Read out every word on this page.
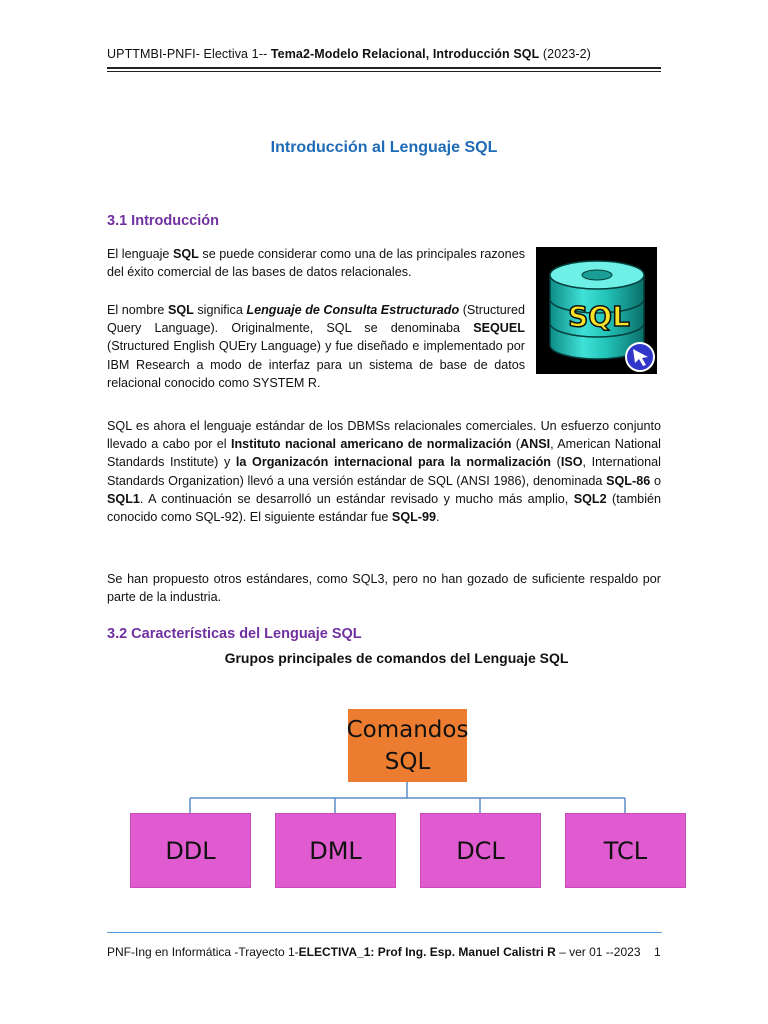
UPTTMBI-PNFI- Electiva 1-- Tema2-Modelo Relacional, Introducción SQL (2023-2)
Introducción al Lenguaje SQL
3.1 Introducción
El lenguaje SQL se puede considerar como una de las principales razones del éxito comercial de las bases de datos relacionales.
El nombre SQL significa Lenguaje de Consulta Estructurado (Structured Query Language). Originalmente, SQL se denominaba SEQUEL (Structured English QUEry Language) y fue diseñado e implementado por IBM Research a modo de interfaz para un sistema de base de datos relacional conocido como SYSTEM R.
SQL
SQL es ahora el lenguaje estándar de los DBMSs relacionales comerciales. Un esfuerzo conjunto llevado a cabo por el Instituto nacional americano de normalización (ANSI, American National Standards Institute) y la Organizacón internacional para la normalización (ISO, International Standards Organization) llevó a una versión estándar de SQL (ANSI 1986), denominada SQL-86 o SQL1. A continuación se desarrolló un estándar revisado y mucho más amplio, SQL2 (también conocido como SQL-92). El siguiente estándar fue SQL-99.
Se han propuesto otros estándares, como SQL3, pero no han gozado de suficiente respaldo por parte de la industria.
3.2 Características del Lenguaje SQL
Grupos principales de comandos del Lenguaje SQL
Comandos
SQL
DDL	DML	DCL	TCL
PNF-Ing en Informática -Trayecto 1-ELECTIVA_1: Prof Ing. Esp. Manuel Calistri R – ver 01 --2023	1
